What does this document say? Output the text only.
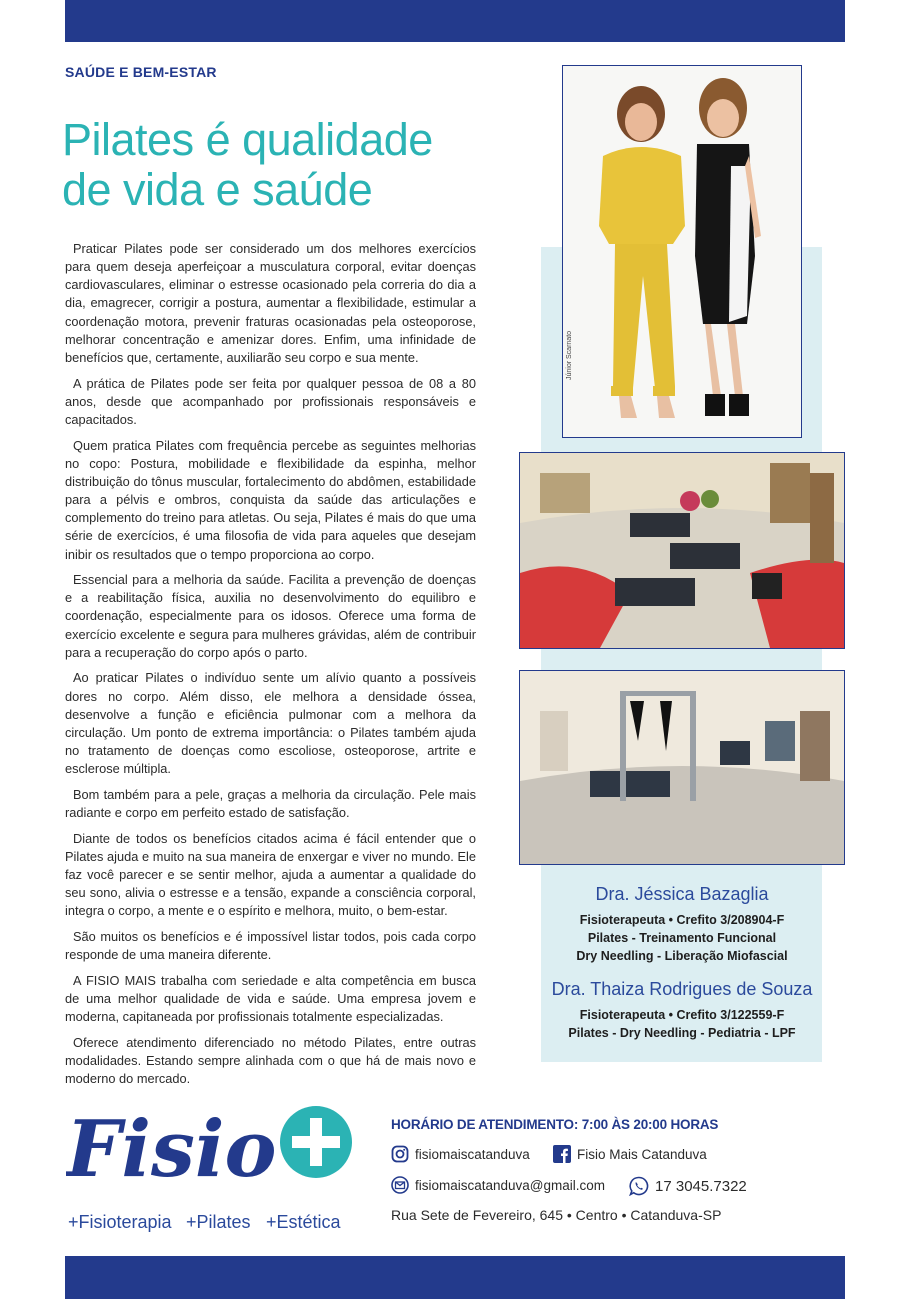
SAÚDE E BEM-ESTAR
Pilates é qualidade
de vida e saúde

Praticar Pilates pode ser considerado um dos melhores exercícios para quem deseja aperfeiçoar a musculatura corporal, evitar doenças cardiovasculares, eliminar o estresse ocasionado pela correria do dia a dia, emagrecer, corrigir a postura, aumentar a flexibilidade, estimular a coordenação motora, prevenir fraturas ocasionadas pela osteoporose, melhorar concentração e amenizar dores. Enfim, uma infinidade de benefícios que, certamente, auxiliarão seu corpo e sua mente.

A prática de Pilates pode ser feita por qualquer pessoa de 08 a 80 anos, desde que acompanhado por profissionais responsáveis e capacitados.

Quem pratica Pilates com frequência percebe as seguintes melhorias no copo: Postura, mobilidade e flexibilidade da espinha, melhor distribuição do tônus muscular, fortalecimento do abdômen, estabilidade para a pélvis e ombros, conquista da saúde das articulações e complemento do treino para atletas. Ou seja, Pilates é mais do que uma série de exercícios, é uma filosofia de vida para aqueles que desejam inibir os resultados que o tempo proporciona ao corpo.

Essencial para a melhoria da saúde. Facilita a prevenção de doenças e a reabilitação física, auxilia no desenvolvimento do equilibro e coordenação, especialmente para os idosos. Oferece uma forma de exercício excelente e segura para mulheres grávidas, além de contribuir para a recuperação do corpo após o parto.

Ao praticar Pilates o indivíduo sente um alívio quanto a possíveis dores no corpo. Além disso, ele melhora a densidade óssea, desenvolve a função e eficiência pulmonar com a melhora da circulação. Um ponto de extrema importância: o Pilates também ajuda no tratamento de doenças como escoliose, osteoporose, artrite e esclerose múltipla.

Bom também para a pele, graças a melhoria da circulação. Pele mais radiante e corpo em perfeito estado de satisfação.

Diante de todos os benefícios citados acima é fácil entender que o Pilates ajuda e muito na sua maneira de enxergar e viver no mundo. Ele faz você parecer e se sentir melhor, ajuda a aumentar a qualidade do seu sono, alivia o estresse e a tensão, expande a consciência corporal, integra o corpo, a mente e o espírito e melhora, muito, o bem-estar.

São muitos os benefícios e é impossível listar todos, pois cada corpo responde de uma maneira diferente.

A FISIO MAIS trabalha com seriedade e alta competência em busca de uma melhor qualidade de vida e saúde. Uma empresa jovem e moderna, capitaneada por profissionais totalmente especializadas.

Oferece atendimento diferenciado no método Pilates, entre outras modalidades. Estando sempre alinhada com o que há de mais novo e moderno do mercado.

Júnior Scarnato
Dra. Jéssica Bazaglia
Fisioterapeuta • Crefito 3/208904-F
Pilates - Treinamento Funcional
Dry Needling - Liberação Miofascial
Dra. Thaiza Rodrigues de Souza
Fisioterapeuta • Crefito 3/122559-F
Pilates - Dry Needling - Pediatria - LPF
Fisio
+Fisioterapia +Pilates +Estética
HORÁRIO DE ATENDIMENTO: 7:00 ÀS 20:00 HORAS
fisiomaiscatanduva	Fisio Mais Catanduva
fisiomaiscatanduva@gmail.com	17 3045.7322
Rua Sete de Fevereiro, 645 • Centro • Catanduva-SP
